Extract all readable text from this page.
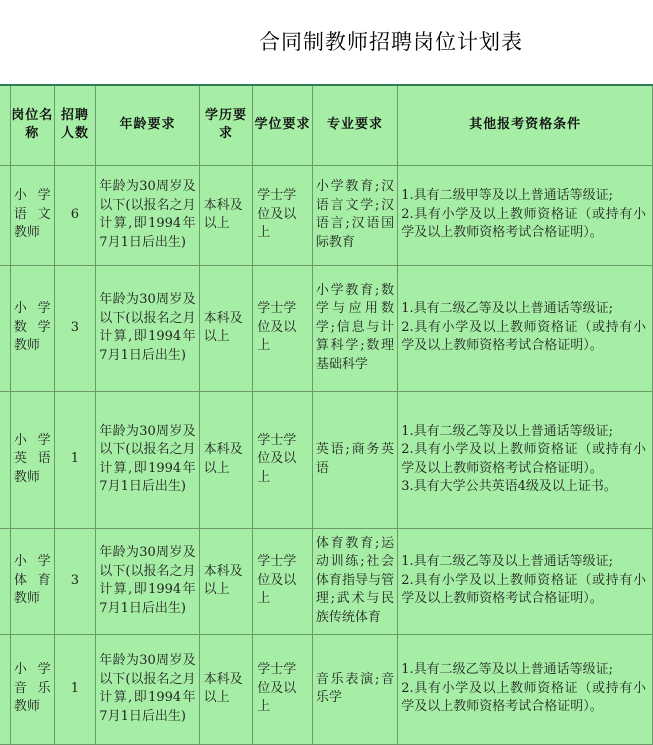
合同制教师招聘岗位计划表
	岗位名称	招聘人数	年龄要求	学历要求	学位要求	专业要求	其他报考资格条件
	小学语文教师	6	年龄为30周岁及以下(以报名之月计算,即1994年7月1日后出生)	本科及以上	学士学位及以上	小学教育;汉语言文学;汉语言;汉语国际教育	1.具有二级甲等及以上普通话等级证;
2.具有小学及以上教师资格证（或持有小学及以上教师资格考试合格证明）。

	小学数学教师	3	年龄为30周岁及以下(以报名之月计算,即1994年7月1日后出生)	本科及以上	学士学位及以上	小学教育;数学与应用数学;信息与计算科学;数理基础科学	1.具有二级乙等及以上普通话等级证;
2.具有小学及以上教师资格证（或持有小学及以上教师资格考试合格证明）。

	小学英语教师	1	年龄为30周岁及以下(以报名之月计算,即1994年7月1日后出生)	本科及以上	学士学位及以上	英语;商务英语	1.具有二级乙等及以上普通话等级证;
2.具有小学及以上教师资格证（或持有小学及以上教师资格考试合格证明）。
3.具有大学公共英语4级及以上证书。

	小学体育教师	3	年龄为30周岁及以下(以报名之月计算,即1994年7月1日后出生)	本科及以上	学士学位及以上	体育教育;运动训练;社会体育指导与管理;武术与民族传统体育	1.具有二级乙等及以上普通话等级证;
2.具有小学及以上教师资格证（或持有小学及以上教师资格考试合格证明）。

	小学音乐教师	1	年龄为30周岁及以下(以报名之月计算,即1994年7月1日后出生)	本科及以上	学士学位及以上	音乐表演;音乐学	1.具有二级乙等及以上普通话等级证;
2.具有小学及以上教师资格证（或持有小学及以上教师资格考试合格证明）。
